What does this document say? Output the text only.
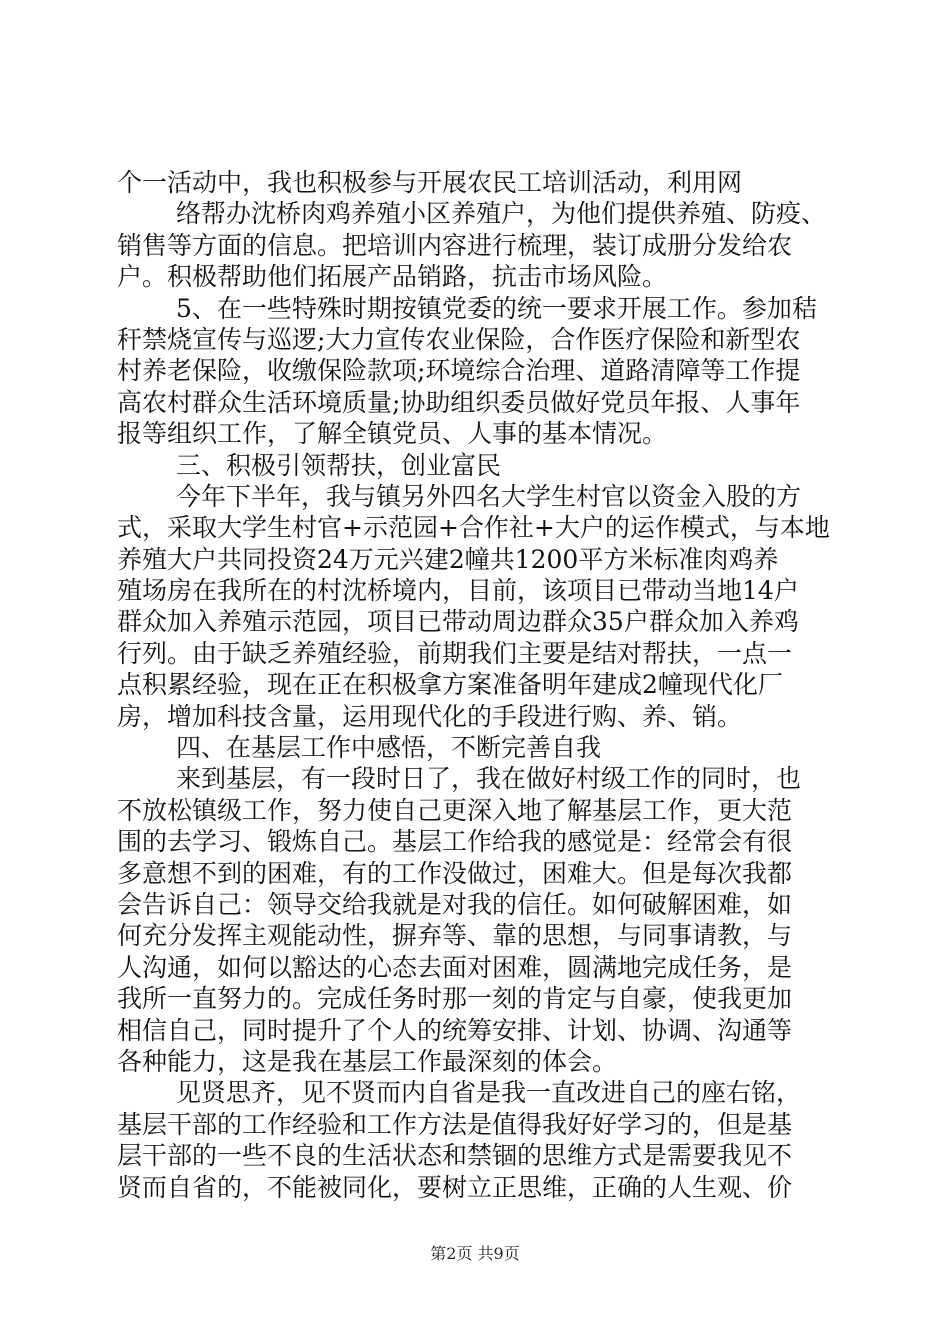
个一活动中，我也积极参与开展农民工培训活动，利用网
络帮办沈桥肉鸡养殖小区养殖户，为他们提供养殖、防疫、
销售等方面的信息。把培训内容进行梳理，装订成册分发给农
户。积极帮助他们拓展产品销路，抗击市场风险。
5、在一些特殊时期按镇党委的统一要求开展工作。参加秸
秆禁烧宣传与巡逻;大力宣传农业保险，合作医疗保险和新型农
村养老保险，收缴保险款项;环境综合治理、道路清障等工作提
高农村群众生活环境质量;协助组织委员做好党员年报、人事年
报等组织工作，了解全镇党员、人事的基本情况。
三、积极引领帮扶，创业富民
今年下半年，我与镇另外四名大学生村官以资金入股的方
式，采取大学生村官+示范园+合作社+大户的运作模式，与本地
养殖大户共同投资24万元兴建2幢共1200平方米标准肉鸡养
殖场房在我所在的村沈桥境内，目前，该项目已带动当地14户
群众加入养殖示范园，项目已带动周边群众35户群众加入养鸡
行列。由于缺乏养殖经验，前期我们主要是结对帮扶，一点一
点积累经验，现在正在积极拿方案准备明年建成2幢现代化厂
房，增加科技含量，运用现代化的手段进行购、养、销。
四、在基层工作中感悟，不断完善自我
来到基层，有一段时日了，我在做好村级工作的同时，也
不放松镇级工作，努力使自己更深入地了解基层工作，更大范
围的去学习、锻炼自己。基层工作给我的感觉是：经常会有很
多意想不到的困难，有的工作没做过，困难大。但是每次我都
会告诉自己：领导交给我就是对我的信任。如何破解困难，如
何充分发挥主观能动性，摒弃等、靠的思想，与同事请教，与
人沟通，如何以豁达的心态去面对困难，圆满地完成任务，是
我所一直努力的。完成任务时那一刻的肯定与自豪，使我更加
相信自己，同时提升了个人的统筹安排、计划、协调、沟通等
各种能力，这是我在基层工作最深刻的体会。
见贤思齐，见不贤而内自省是我一直改进自己的座右铭，
基层干部的工作经验和工作方法是值得我好好学习的，但是基
层干部的一些不良的生活状态和禁锢的思维方式是需要我见不
贤而自省的，不能被同化，要树立正思维，正确的人生观、价
第2页 共9页
